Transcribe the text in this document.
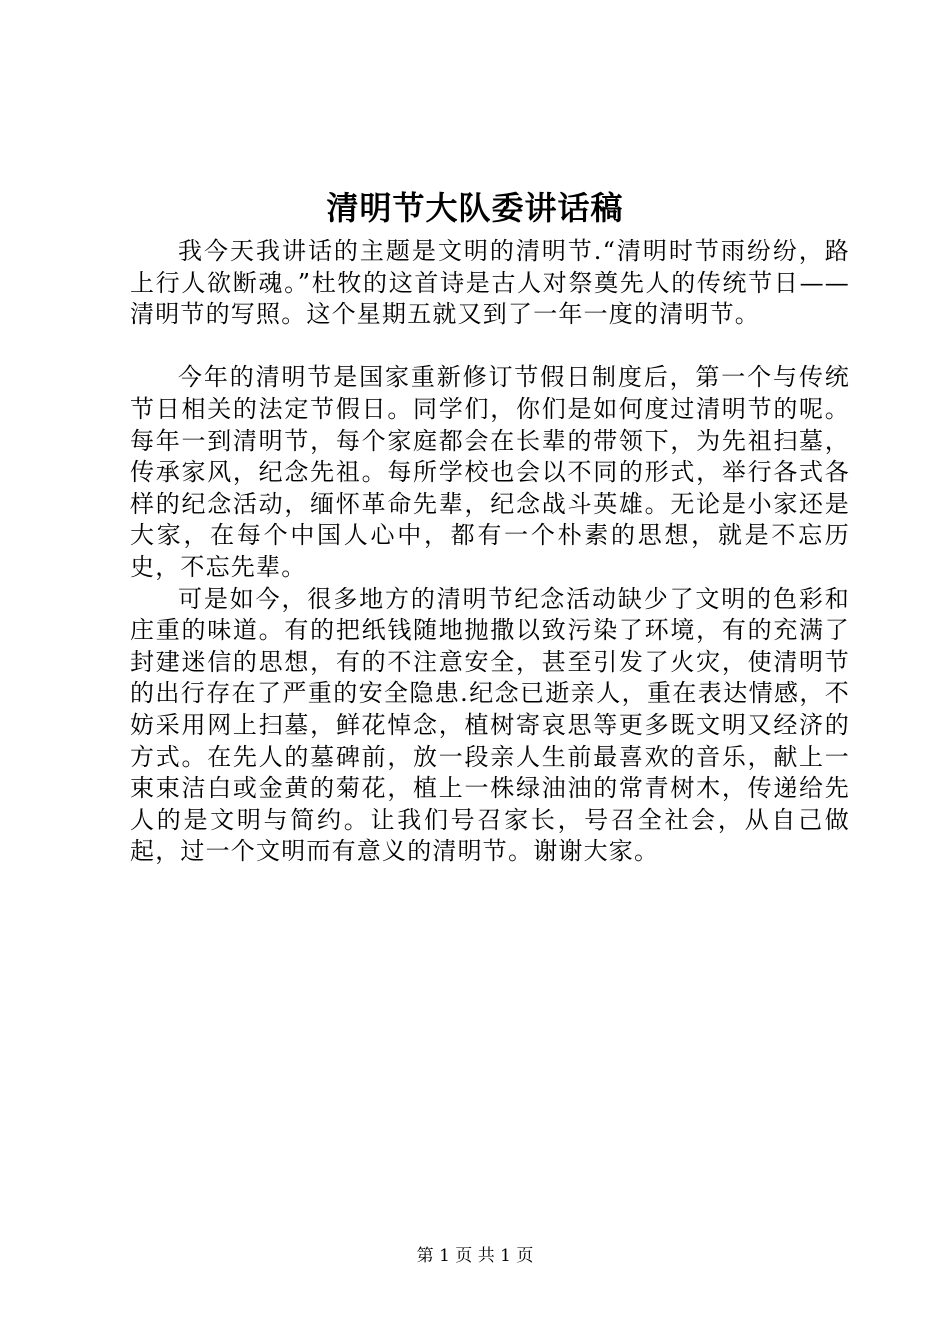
清明节大队委讲话稿

我今天我讲话的主题是文明的清明节.“清明时节雨纷纷，路上行人欲断魂。”杜牧的这首诗是古人对祭奠先人的传统节日——清明节的写照。这个星期五就又到了一年一度的清明节。

今年的清明节是国家重新修订节假日制度后，第一个与传统节日相关的法定节假日。同学们，你们是如何度过清明节的呢。每年一到清明节，每个家庭都会在长辈的带领下，为先祖扫墓，传承家风，纪念先祖。每所学校也会以不同的形式，举行各式各样的纪念活动，缅怀革命先辈，纪念战斗英雄。无论是小家还是大家，在每个中国人心中，都有一个朴素的思想，就是不忘历史，不忘先辈。

可是如今，很多地方的清明节纪念活动缺少了文明的色彩和庄重的味道。有的把纸钱随地抛撒以致污染了环境，有的充满了封建迷信的思想，有的不注意安全，甚至引发了火灾，使清明节的出行存在了严重的安全隐患.纪念已逝亲人，重在表达情感，不妨采用网上扫墓，鲜花悼念，植树寄哀思等更多既文明又经济的方式。在先人的墓碑前，放一段亲人生前最喜欢的音乐，献上一束束洁白或金黄的菊花，植上一株绿油油的常青树木，传递给先人的是文明与简约。让我们号召家长，号召全社会，从自己做起，过一个文明而有意义的清明节。谢谢大家。

第 1 页 共 1 页
